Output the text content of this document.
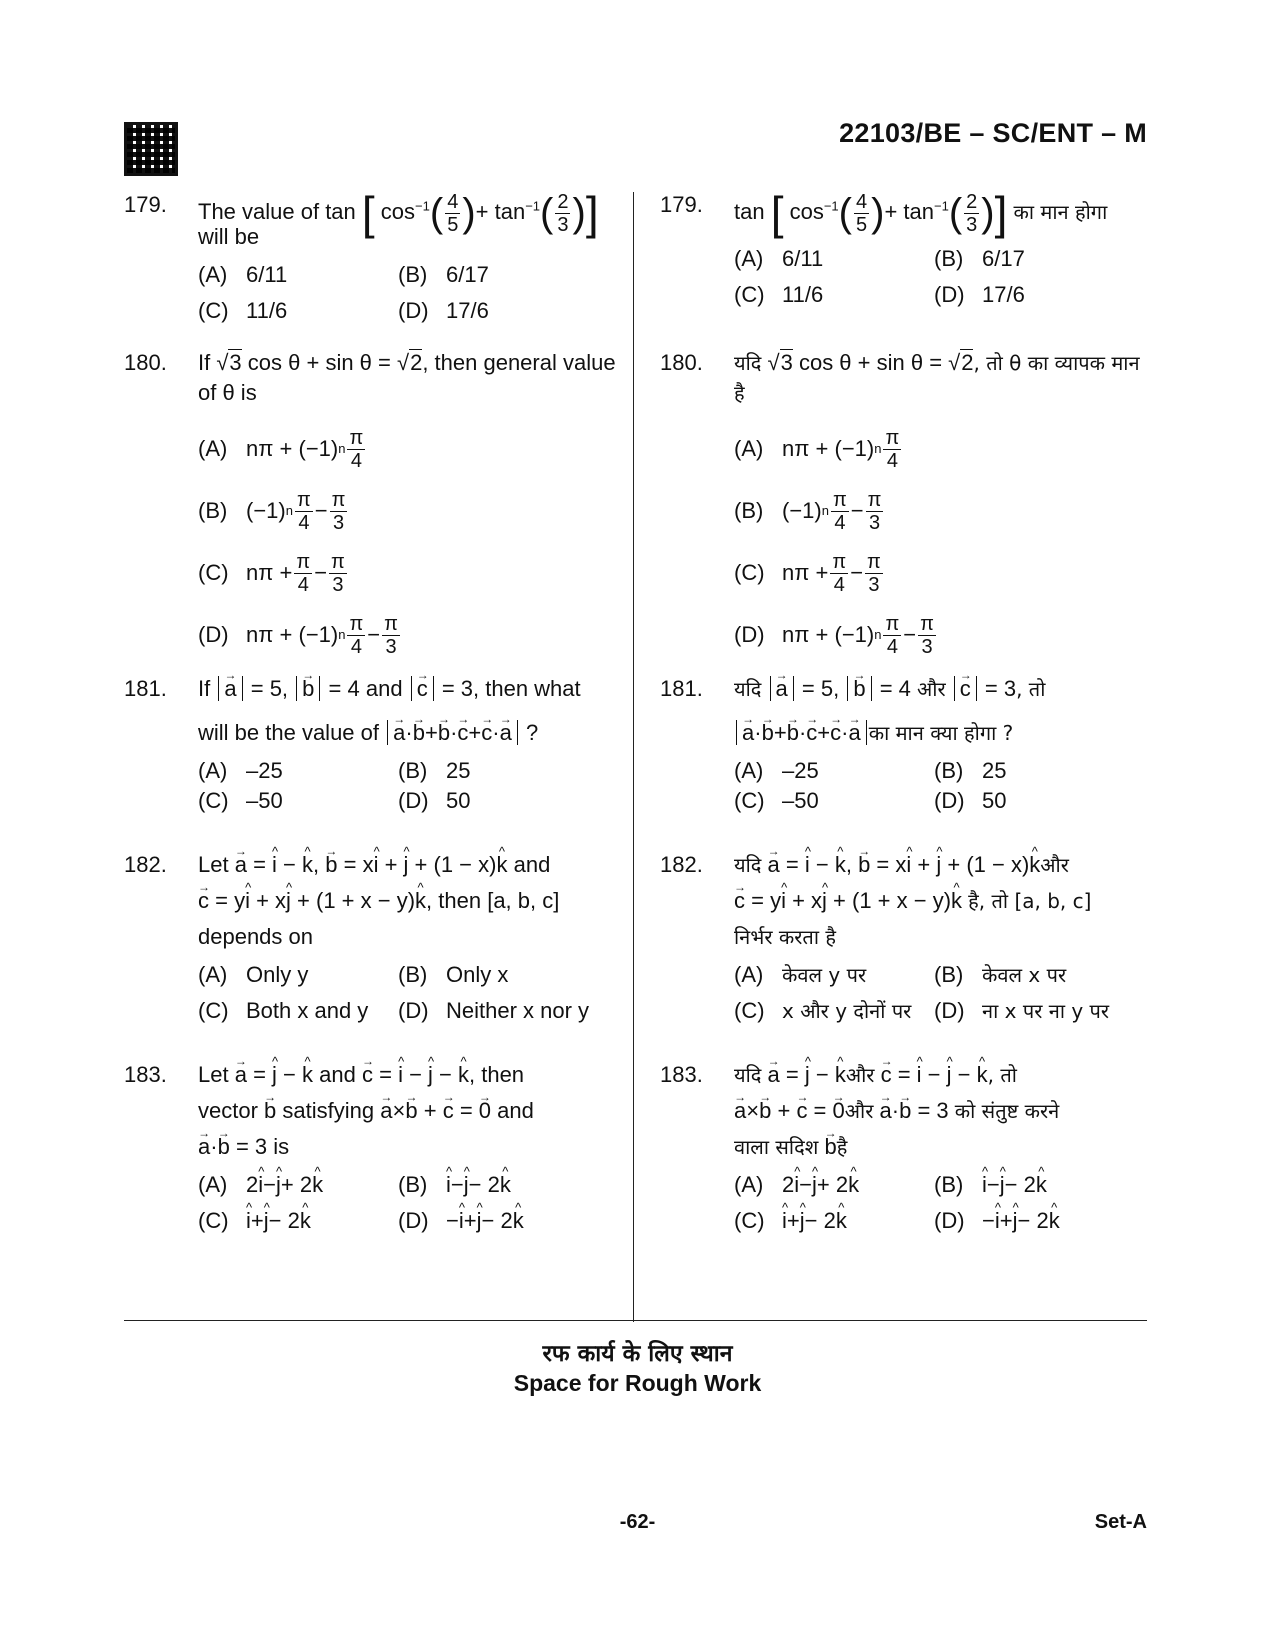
22103/BE – SC/ENT – M
179.	The value of tan [ $\cos^{-1}( \frac{4}{5}$ )+ $\tan^{-1}( \frac{2}{3}$ )]
will be
(A) 6/11	(B) 6/17
(C) 11/6	(D) 17/6
180.	If √3 cos θ + sin θ = √2, then general value of θ is
(A) nπ + (−1) n $\frac{\pi}{4}$
(B) (−1) n $\frac{\pi}{4} - \frac{\pi}{3}$
(C) $n\pi + \frac{\pi}{4} - \frac{\pi}{3}$
(D) nπ + (−1) n $\frac{\pi}{4} - \frac{\pi}{3}$
181.	If → a = 5, → b = 4 and → c = 3, then what
will be the value of → a·→ b+→ b·→ c+→ c·→ a ?
(A) –25	(B) 25
(C) –50	(D) 50
182.	Let → a = ^ i − ^ k, → b = x^ i + ^ j + (1 − x)^ k and
→ c = y^ i + x^ j + (1 + x − y)^ k, then [a, b, c]
depends on
(A) Only y	(B) Only x
(C) Both x and y (D) Neither x nor y
183.	Let → a = ^ j − ^ k and → c = ^ i − ^ j − ^ k, then
vector → b satisfying → a×→ b + → c = → 0 and
→ a·→ b = 3 is
(A) 2 ^ i − ^ j + 2 ^ k	(B) ^ i − ^ j − 2 ^ k
(C) ^ i + ^ j − 2 ^ k	(D) − ^ i + ^ j − 2 ^ k
179.	tan [ $\cos^{-1}( \frac{4}{5}$ )+ $\tan^{-1}( \frac{2}{3}$ )] का मान होगा
(A) 6/11	(B) 6/17
(C) 11/6	(D) 17/6
180.	यदि √3 cos θ + sin θ = √2, तो θ का व्यापक मान है
(A) nπ + (−1) n $\frac{\pi}{4}$
(B) (−1) n $\frac{\pi}{4} - \frac{\pi}{3}$
(C) $n\pi + \frac{\pi}{4} - \frac{\pi}{3}$
(D) nπ + (−1) n $\frac{\pi}{4} - \frac{\pi}{3}$
181.	यदि → a = 5, → b = 4 और → c = 3, तो
→ a·→ b+→ b·→ c+→ c·→ a का मान क्या होगा ?
(A) –25	(B) 25
(C) –50	(D) 50
182.	यदि → a = ^ i − ^ k, → b = x^ i + ^ j + (1 − x)^ kऔर
→ c = y^ i + x^ j + (1 + x − y)^ k है, तो [a, b, c]
निर्भर करता है
(A) केवल y पर	(B) केवल x पर
(C) x और y दोनों पर (D) ना x पर ना y पर
183.	यदि → a = ^ j − ^ kऔर → c = ^ i − ^ j − ^ k, तो
→ a×→ b + → c = → 0और → a·→ b = 3 को संतुष्ट करने
वाला सदिश → bहै
(A) 2 ^ i − ^ j + 2 ^ k	(B) ^ i − ^ j − 2 ^ k
(C) ^ i + ^ j − 2 ^ k	(D) − ^ i + ^ j − 2 ^ k
रफ कार्य के लिए स्थान
Space for Rough Work
-62-	Set-A
